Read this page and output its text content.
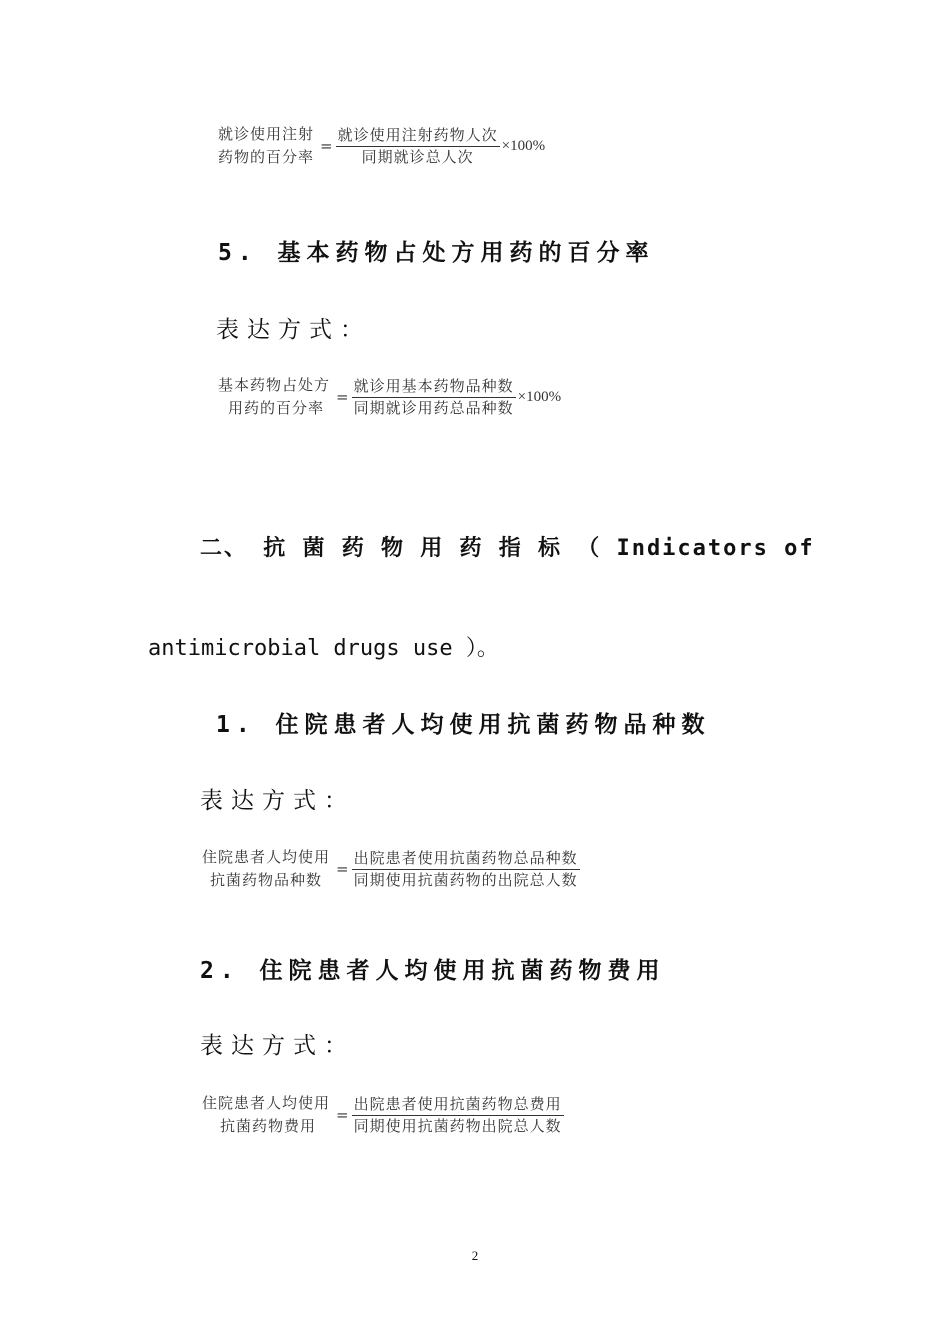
就诊使用注射
药物的百分率
= $\frac{\text{就诊使用注射药物人次}}{\text{同期就诊总人次}} \times 100\%$
5. 基本药物占处方用药的百分率
表达方式：
基本药物占处方
用药的百分率
= $\frac{\text{就诊用基本药物品种数}}{\text{同期就诊用药总品种数}} \times 100\%$
二、 抗 菌 药 物 用 药 指 标 （ Indicators of
antimicrobial drugs use ）。
1. 住院患者人均使用抗菌药物品种数
表达方式：
住院患者人均使用
抗菌药物品种数
= $\frac{\text{出院患者使用抗菌药物总品种数}}{\text{同期使用抗菌药物的出院总人数}}$
2. 住院患者人均使用抗菌药物费用
表达方式：
住院患者人均使用
抗菌药物费用
= $\frac{\text{出院患者使用抗菌药物总费用}}{\text{同期使用抗菌药物出院总人数}}$
2
